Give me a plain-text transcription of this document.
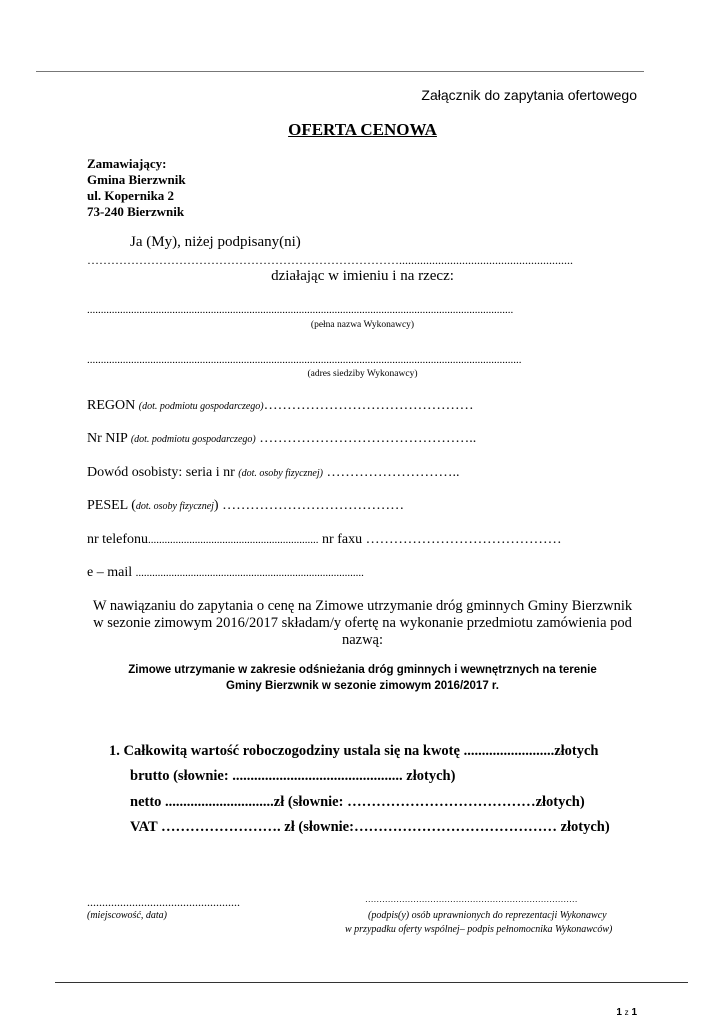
Załącznik do zapytania ofertowego
OFERTA CENOWA
Zamawiający:
Gmina Bierzwnik
ul. Kopernika 2
73-240 Bierzwnik
Ja (My), niżej podpisany(ni)
……………………………………………………………………..........................................................
działając w imieniu i na rzecz:
...........................................................................................................................................................
(pełna nazwa Wykonawcy)
..............................................................................................................................................................
(adres siedziby Wykonawcy)
REGON (dot. podmiotu gospodarczego)………………………………………
Nr NIP (dot. podmiotu gospodarczego) ………………………………………..
Dowód osobisty: seria i nr (dot. osoby fizycznej) ………………………..
PESEL (dot. osoby fizycznej) …………………………………
nr telefonu.............................................................. nr faxu ……………………………………
e – mail ...................................................................................
W nawiązaniu do zapytania o cenę na Zimowe utrzymanie dróg gminnych Gminy Bierzwnik
w sezonie zimowym 2016/2017 składam/y ofertę na wykonanie przedmiotu zamówienia pod
nazwą:
Zimowe utrzymanie w zakresie odśnieżania dróg gminnych i wewnętrznych na terenie
Gminy Bierzwnik w sezonie zimowym 2016/2017 r.
1. Całkowitą wartość roboczogodziny ustala się na kwotę .........................złotych
brutto (słownie: ............................................... złotych)
netto ..............................zł (słownie: …………………………………złotych)
VAT ……………………. zł (słownie:…………………………………… złotych)
...................................................
(miejscowość, data)
…………………………………………………………………
(podpis(y) osób uprawnionych do reprezentacji Wykonawcy
w przypadku oferty wspólnej– podpis pełnomocnika Wykonawców)
1 z 1
